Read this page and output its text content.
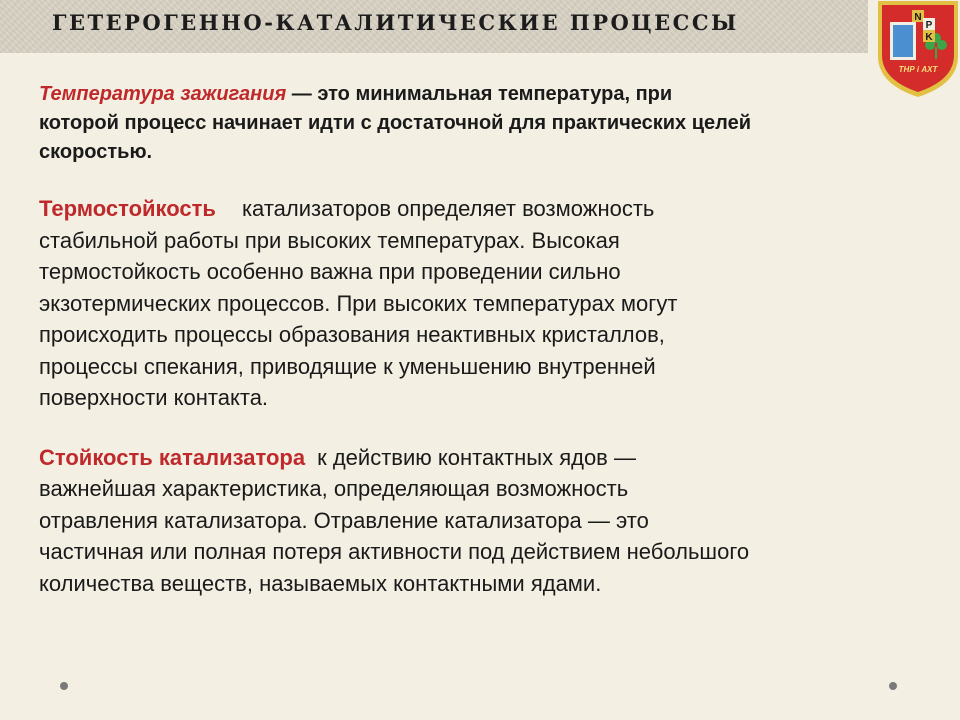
ГЕТЕРОГЕННО-КАТАЛИТИЧЕСКИЕ ПРОЦЕССЫ	N
P
K
ТНР і АХТ
Температура зажигания — это минимальная температура, при
которой процесс начинает идти с достаточной для практических целей
скоростью.
Термостойкость катализаторов определяет возможность
стабильной работы при высоких температурах. Высокая
термостойкость особенно важна при проведении сильно
экзотермических процессов. При высоких температурах могут
происходить процессы образования неактивных кристаллов,
процессы спекания, приводящие к уменьшению внутренней
поверхности контакта.
Стойкость катализатора к действию контактных ядов —
важнейшая характеристика, определяющая возможность
отравления катализатора. Отравление катализатора — это
частичная или полная потеря активности под действием небольшого
количества веществ, называемых контактными ядами.
